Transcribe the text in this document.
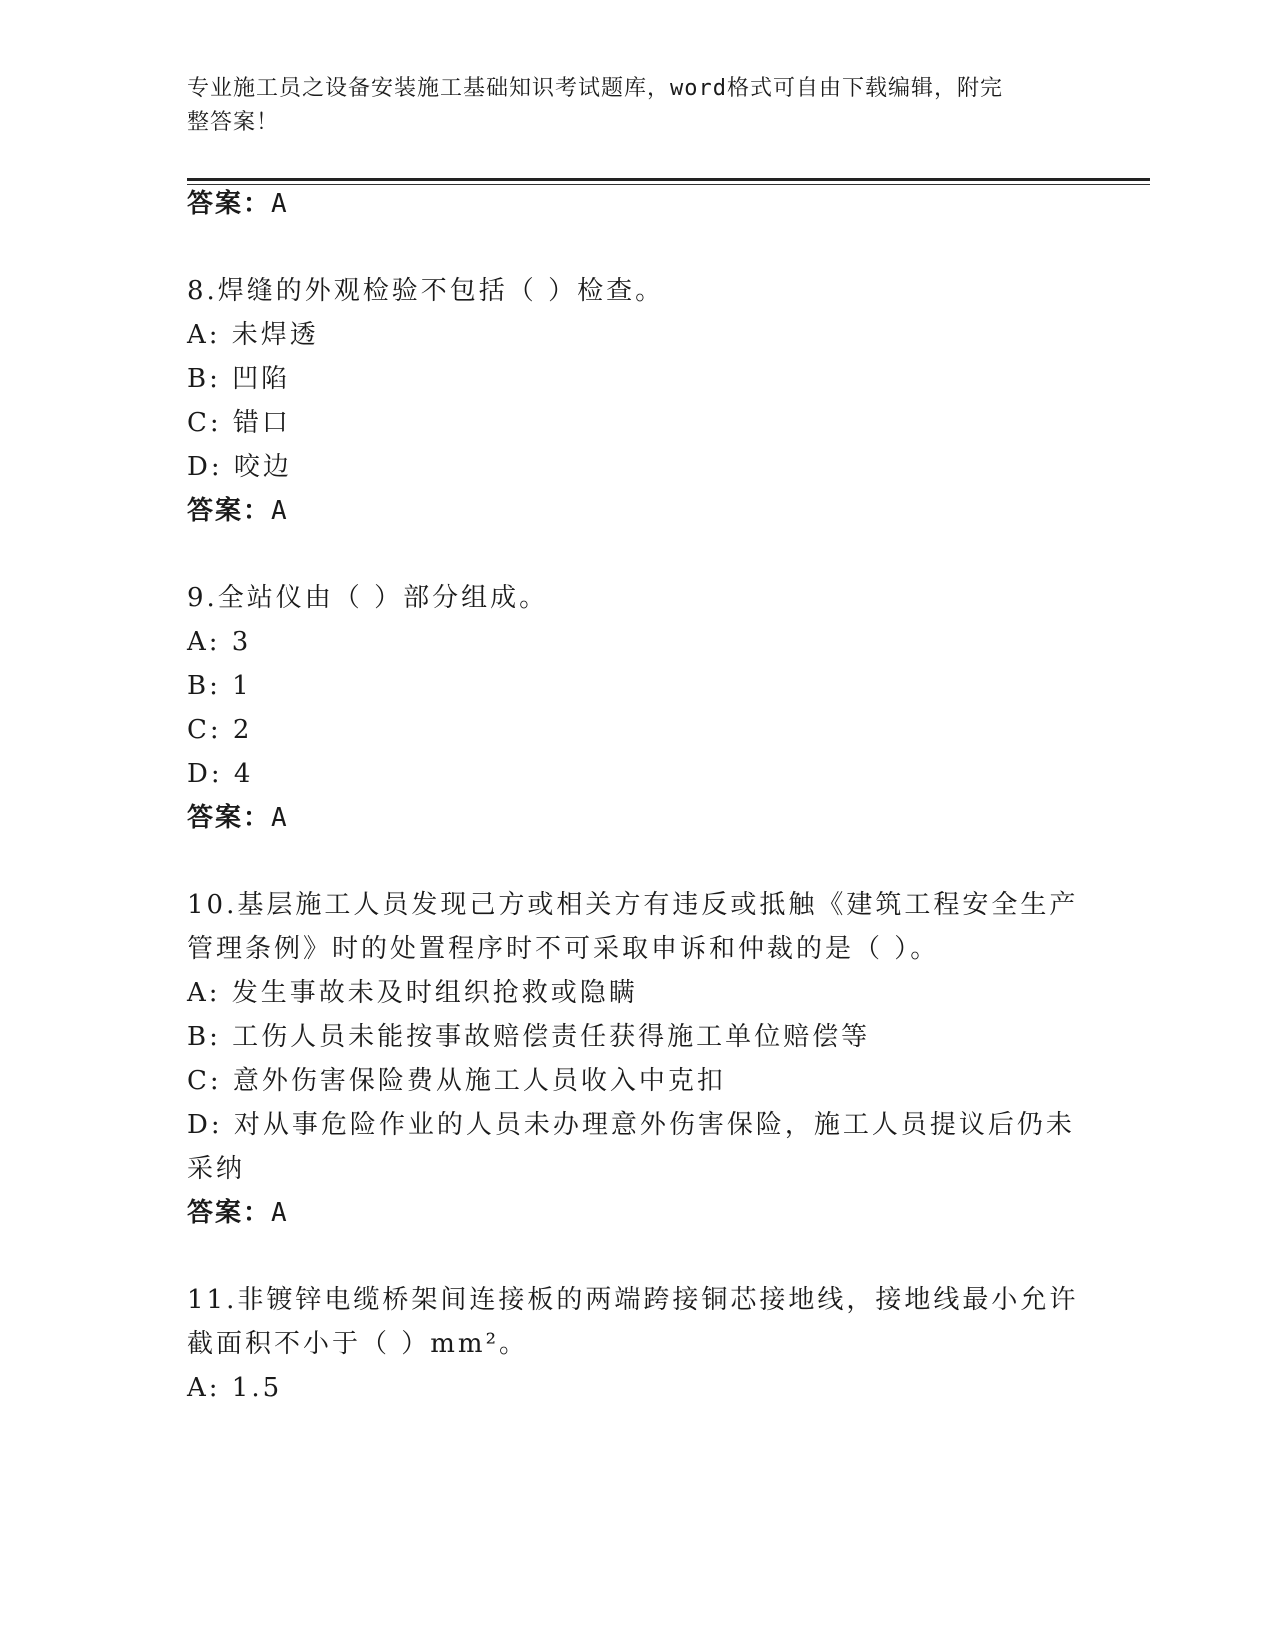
专业施工员之设备安装施工基础知识考试题库，word格式可自由下载编辑，附完
整答案！
答案：A
8.焊缝的外观检验不包括（ ）检查。
A: 未焊透
B: 凹陷
C: 错口
D: 咬边
答案：A
9.全站仪由（ ）部分组成。
A: 3
B: 1
C: 2
D: 4
答案：A
10.基层施工人员发现己方或相关方有违反或抵触《建筑工程安全生产
管理条例》时的处置程序时不可采取申诉和仲裁的是（ ）。
A: 发生事故未及时组织抢救或隐瞒
B: 工伤人员未能按事故赔偿责任获得施工单位赔偿等
C: 意外伤害保险费从施工人员收入中克扣
D: 对从事危险作业的人员未办理意外伤害保险，施工人员提议后仍未
采纳
答案：A
11.非镀锌电缆桥架间连接板的两端跨接铜芯接地线，接地线最小允许
截面积不小于（ ）mm²。
A: 1.5
